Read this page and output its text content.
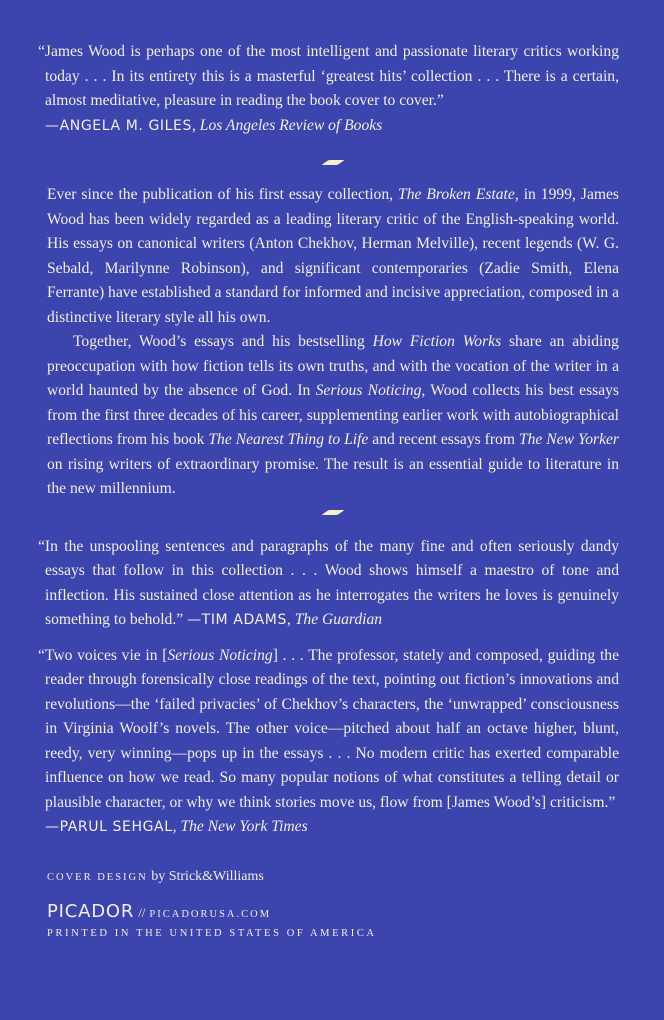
“James Wood is perhaps one of the most intelligent and passionate literary critics working today . . . In its entirety this is a masterful ‘greatest hits’ collection . . . There is a certain, almost meditative, pleasure in reading the book cover to cover.”
—ANGELA M. GILES, Los Angeles Review of Books

Ever since the publication of his first essay collection, The Broken Estate, in 1999, James Wood has been widely regarded as a leading literary critic of the English-speaking world. His essays on canonical writers (Anton Chekhov, Herman Melville), recent legends (W. G. Sebald, Marilynne Robinson), and significant contemporaries (Zadie Smith, Elena Ferrante) have established a standard for informed and incisive appreciation, composed in a distinctive literary style all his own.

Together, Wood’s essays and his bestselling How Fiction Works share an abiding preoccupation with how fiction tells its own truths, and with the vocation of the writer in a world haunted by the absence of God. In Serious Noticing, Wood collects his best essays from the first three decades of his career, supplementing earlier work with autobiographical reflections from his book The Nearest Thing to Life and recent essays from The New Yorker on rising writers of extraordinary promise. The result is an essential guide to literature in the new millennium.

“In the unspooling sentences and paragraphs of the many fine and often seriously dandy essays that follow in this collection . . . Wood shows himself a maestro of tone and inflection. His sustained close attention as he interrogates the writers he loves is genuinely something to behold.” —TIM ADAMS, The Guardian

“Two voices vie in [Serious Noticing] . . . The professor, stately and composed, guiding the reader through forensically close readings of the text, pointing out fiction’s innovations and revolutions—the ‘failed privacies’ of Chekhov’s characters, the ‘unwrapped’ consciousness in Virginia Woolf’s novels. The other voice—pitched about half an octave higher, blunt, reedy, very winning—pops up in the essays . . . No modern critic has exerted comparable influence on how we read. So many popular notions of what constitutes a telling detail or plausible character, or why we think stories move us, flow from [James Wood’s] criticism.”
—PARUL SEHGAL, The New York Times

COVER DESIGN by Strick&Williams
PICADOR // PICADORUSA.COM
PRINTED IN THE UNITED STATES OF AMERICA
